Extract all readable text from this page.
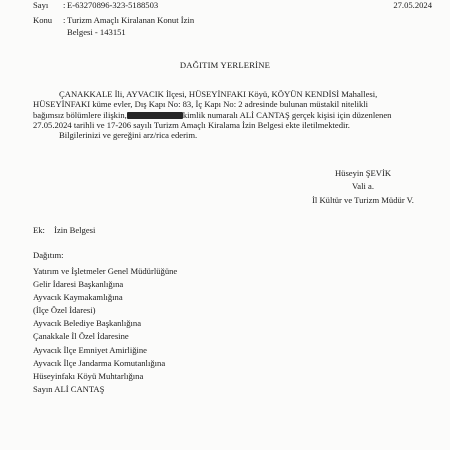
Sayı : E-63270896-323-5188503	27.05.2024
Konu : Turizm Amaçlı Kiralanan Konut İzin
Belgesi - 143151
DAĞITIM YERLERİNE
ÇANAKKALE İli, AYVACIK İlçesi, HÜSEYİNFAKI Köyü, KÖYÜN KENDİSİ Mahallesi,
HÜSEYİNFAKI küme evler, Dış Kapı No: 83, İç Kapı No: 2 adresinde bulunan müstakil nitelikli
bağımsız bölümlere ilişkin,	kimlik numaralı ALİ CANTAŞ gerçek kişisi için düzenlenen
27.05.2024 tarihli ve 17-206 sayılı Turizm Amaçlı Kiralama İzin Belgesi ekte iletilmektedir.
Bilgilerinizi ve gereğini arz/rica ederim.
Hüseyin ŞEVİK
Vali a.
İl Kültür ve Turizm Müdür V.
Ek: İzin Belgesi
Dağıtım:
Yatırım ve İşletmeler Genel Müdürlüğüne
Gelir İdaresi Başkanlığına
Ayvacık Kaymakamlığına
(İlçe Özel İdaresi)
Ayvacık Belediye Başkanlığına
Çanakkale İl Özel İdaresine
Ayvacık İlçe Emniyet Amirliğine
Ayvacık İlçe Jandarma Komutanlığına
Hüseyinfakı Köyü Muhtarlığına
Sayın ALİ CANTAŞ
